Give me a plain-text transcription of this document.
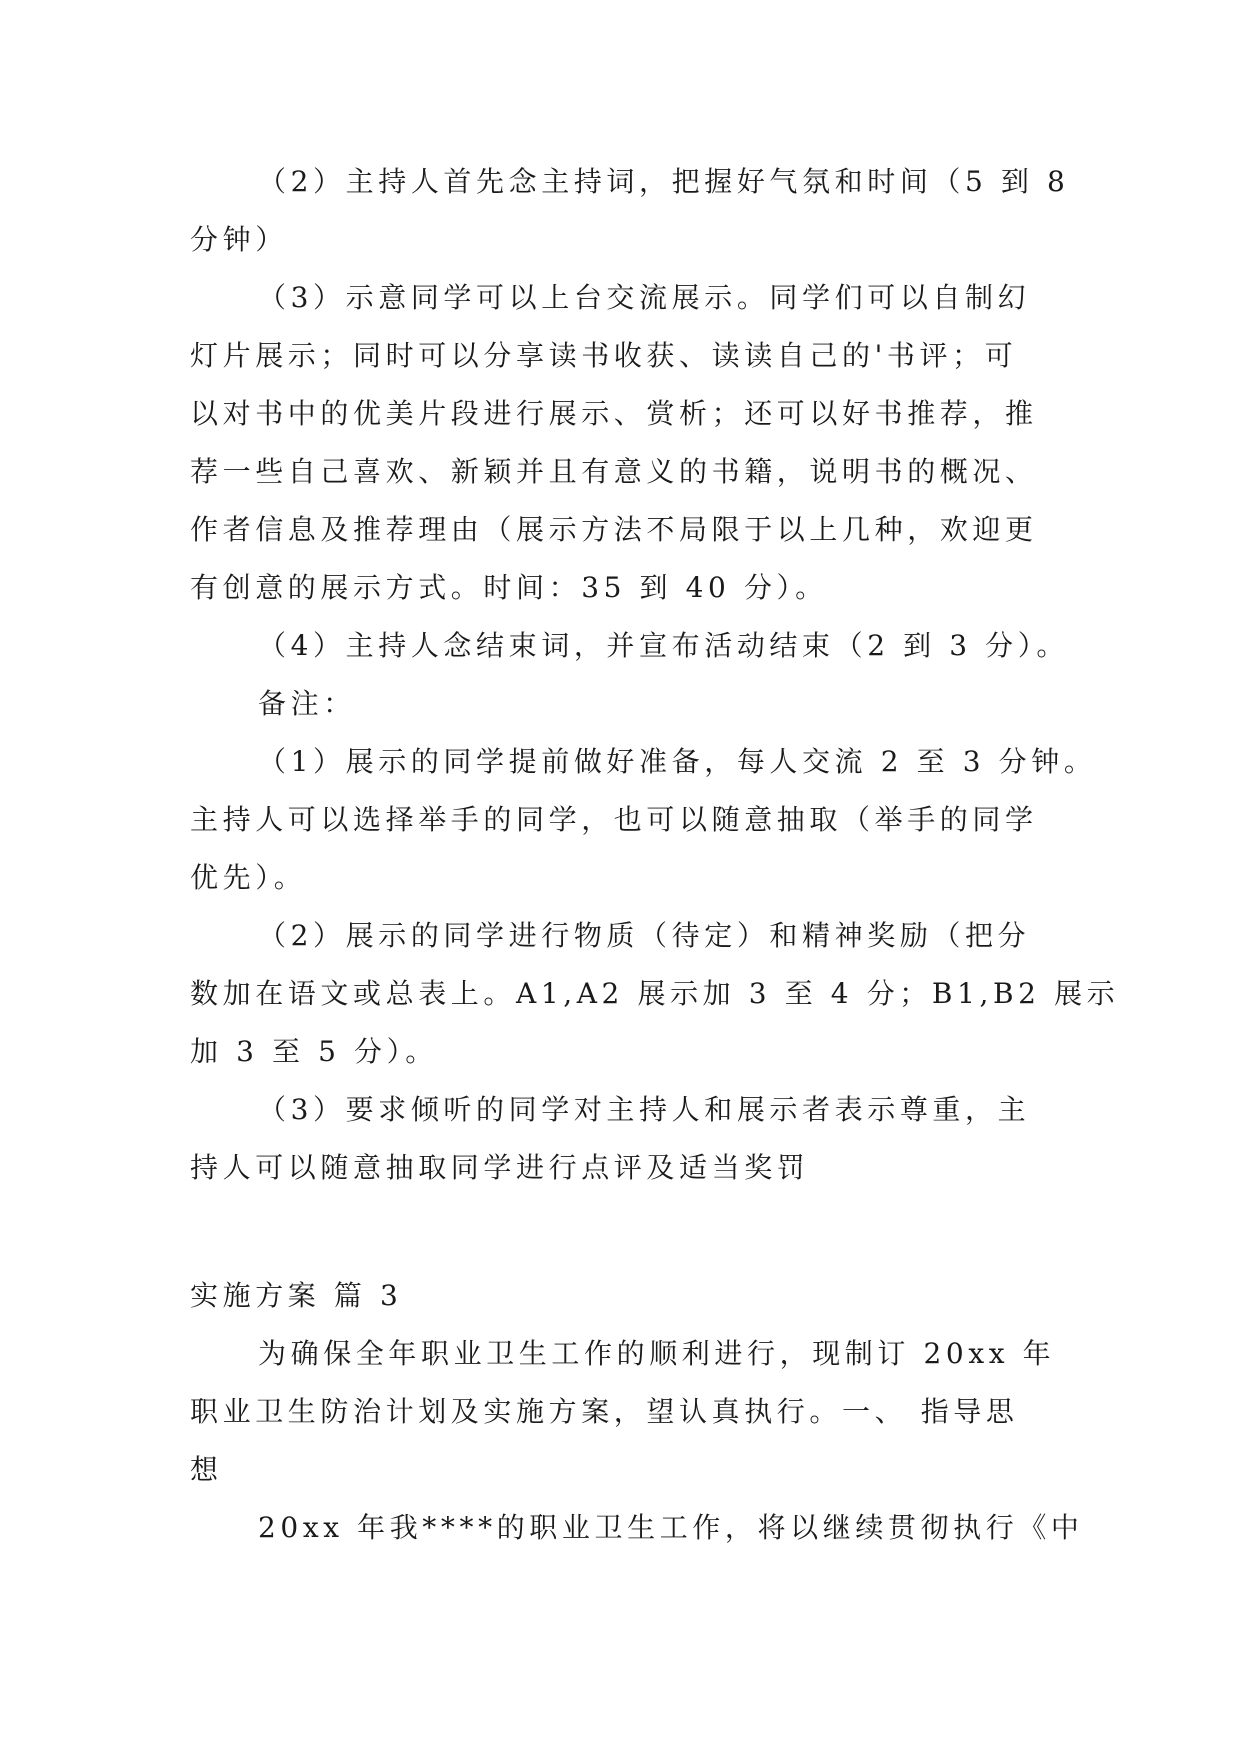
（2）主持人首先念主持词，把握好气氛和时间（5 到 8
分钟）
（3）示意同学可以上台交流展示。同学们可以自制幻
灯片展示；同时可以分享读书收获、读读自己的'书评；可
以对书中的优美片段进行展示、赏析；还可以好书推荐，推
荐一些自己喜欢、新颖并且有意义的书籍，说明书的概况、
作者信息及推荐理由（展示方法不局限于以上几种，欢迎更
有创意的展示方式。时间：35 到 40 分）。
（4）主持人念结束词，并宣布活动结束（2 到 3 分）。
备注：
（1）展示的同学提前做好准备，每人交流 2 至 3 分钟。
主持人可以选择举手的同学，也可以随意抽取（举手的同学
优先）。
（2）展示的同学进行物质（待定）和精神奖励（把分
数加在语文或总表上。A1,A2 展示加 3 至 4 分；B1,B2 展示
加 3 至 5 分）。
（3）要求倾听的同学对主持人和展示者表示尊重，主
持人可以随意抽取同学进行点评及适当奖罚
实施方案 篇 3
为确保全年职业卫生工作的顺利进行，现制订 20xx 年
职业卫生防治计划及实施方案，望认真执行。一、 指导思
想
20xx 年我****的职业卫生工作，将以继续贯彻执行《中
